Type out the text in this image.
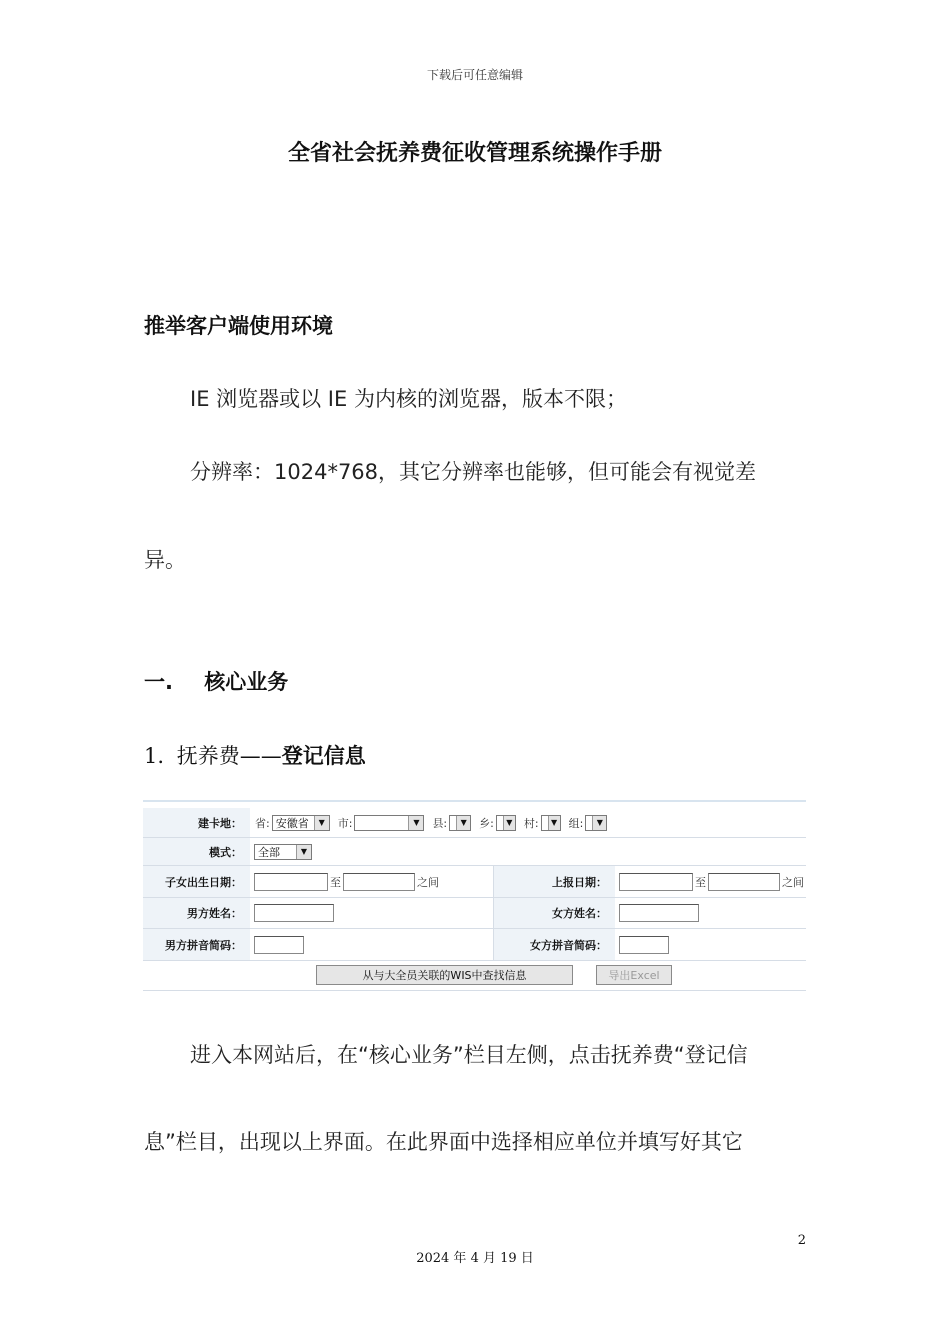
下载后可任意编辑
全省社会抚养费征收管理系统操作手册
推举客户端使用环境
IE 浏览器或以 IE 为内核的浏览器，版本不限；
分辨率：1024*768，其它分辨率也能够，但可能会有视觉差
异。
一. 核心业务
1. 抚养费——登记信息
建卡地：	省: 安徽省	▼	市:	▼	县:	▼	乡:	▼ 村:	▼ 组:	▼
模式：	全部	▼
子女出生日期：	至	之间	上报日期：	至	之间
男方姓名：	女方姓名：
男方拼音简码：	女方拼音简码：
从与大全员关联的WIS中查找信息	导出Excel
进入本网站后，在“核心业务”栏目左侧，点击抚养费“登记信
息”栏目，出现以上界面。在此界面中选择相应单位并填写好其它
2
2024 年 4 月 19 日
